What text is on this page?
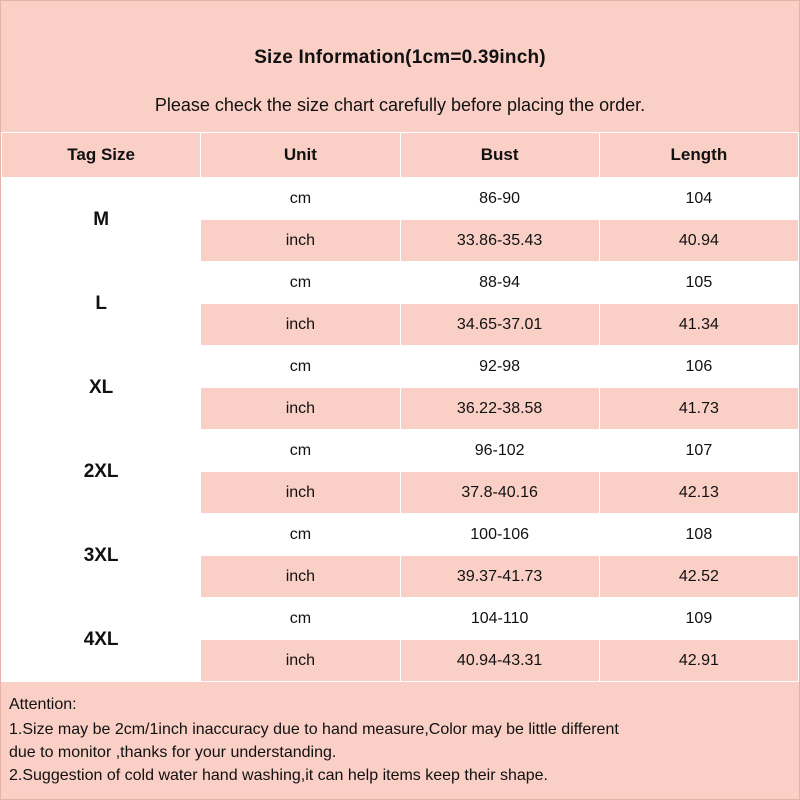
Size Information(1cm=0.39inch)
Please check the size chart carefully before placing the order.
Tag Size	Unit	Bust	Length
M	cm	86-90	104
	inch	33.86-35.43	40.94
L	cm	88-94	105
	inch	34.65-37.01	41.34
XL	cm	92-98	106
	inch	36.22-38.58	41.73
2XL	cm	96-102	107
	inch	37.8-40.16	42.13
3XL	cm	100-106	108
	inch	39.37-41.73	42.52
4XL	cm	104-110	109
	inch	40.94-43.31	42.91
Attention:
1.Size may be 2cm/1inch inaccuracy due to hand measure,Color may be little different
due to monitor ,thanks for your understanding.
2.Suggestion of cold water hand washing,it can help items keep their shape.
